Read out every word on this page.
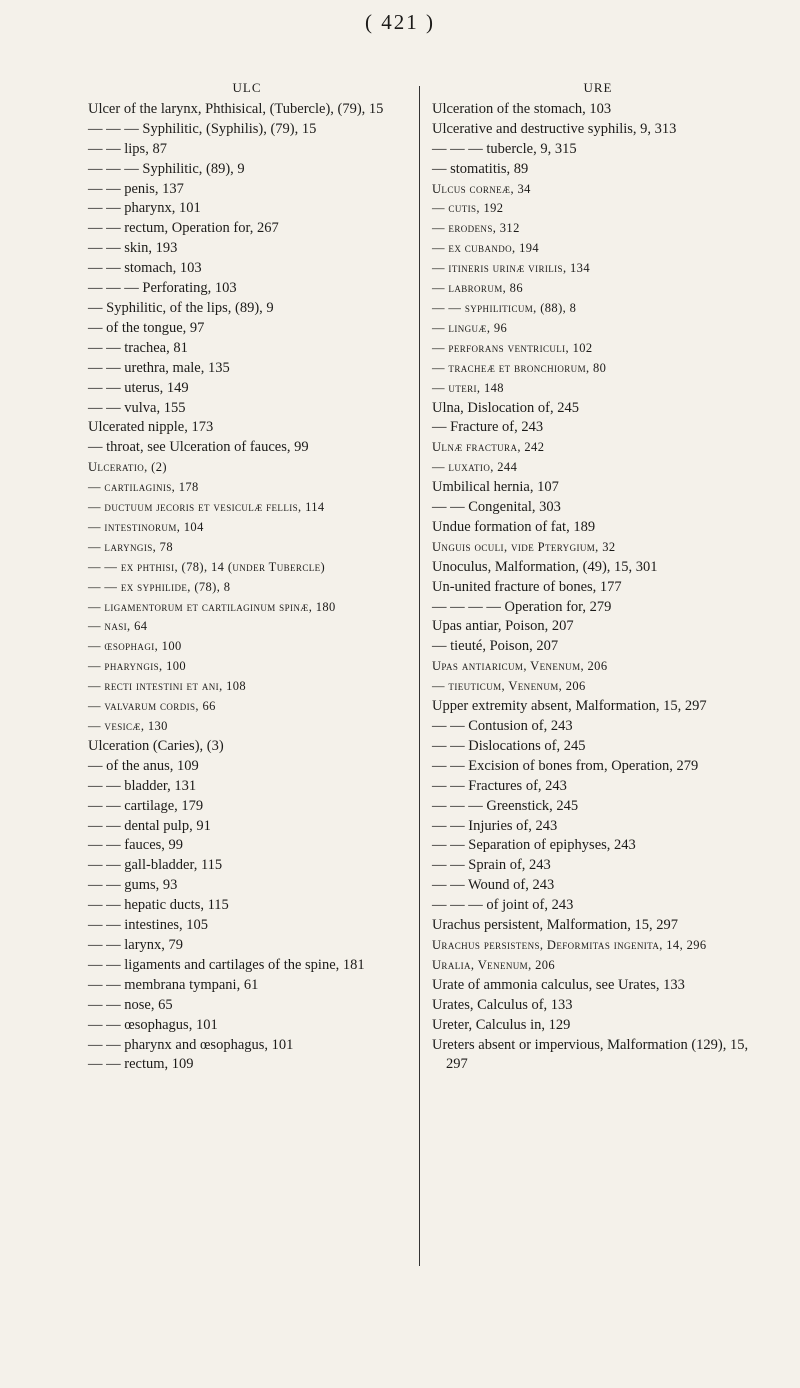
( 421 )
ULC
Ulcer of the larynx, Phthisical, (Tubercle), (79), 15
— — — Syphilitic, (Syphilis), (79), 15
— — lips, 87
— — — Syphilitic, (89), 9
— — penis, 137
— — pharynx, 101
— — rectum, Operation for, 267
— — skin, 193
— — stomach, 103
— — — Perforating, 103
— Syphilitic, of the lips, (89), 9
— of the tongue, 97
— — trachea, 81
— — urethra, male, 135
— — uterus, 149
— — vulva, 155
Ulcerated nipple, 173
— throat, see Ulceration of fauces, 99
Ulceratio, (2)
— cartilaginis, 178
— ductuum jecoris et vesiculæ fellis, 114
— intestinorum, 104
— laryngis, 78
— — ex phthisi, (78), 14 (under Tubercle)
— — ex syphilide, (78), 8
— ligamentorum et cartilaginum spinæ, 180
— nasi, 64
— œsophagi, 100
— pharyngis, 100
— recti intestini et ani, 108
— valvarum cordis, 66
— vesicæ, 130
Ulceration (Caries), (3)
— of the anus, 109
— — bladder, 131
— — cartilage, 179
— — dental pulp, 91
— — fauces, 99
— — gall-bladder, 115
— — gums, 93
— — hepatic ducts, 115
— — intestines, 105
— — larynx, 79
— — ligaments and cartilages of the spine, 181
— — membrana tympani, 61
— — nose, 65
— — œsophagus, 101
— — pharynx and œsophagus, 101
— — rectum, 109
URE
Ulceration of the stomach, 103
Ulcerative and destructive syphilis, 9, 313
— — — tubercle, 9, 315
— stomatitis, 89
Ulcus corneæ, 34
— cutis, 192
— erodens, 312
— ex cubando, 194
— itineris urinæ virilis, 134
— labrorum, 86
— — syphiliticum, (88), 8
— linguæ, 96
— perforans ventriculi, 102
— tracheæ et bronchiorum, 80
— uteri, 148
Ulna, Dislocation of, 245
— Fracture of, 243
Ulnæ fractura, 242
— luxatio, 244
Umbilical hernia, 107
— — Congenital, 303
Undue formation of fat, 189
Unguis oculi, vide Pterygium, 32
Unoculus, Malformation, (49), 15, 301
Un-united fracture of bones, 177
— — — — Operation for, 279
Upas antiar, Poison, 207
— tieuté, Poison, 207
Upas antiaricum, Venenum, 206
— tieuticum, Venenum, 206
Upper extremity absent, Malformation, 15, 297
— — Contusion of, 243
— — Dislocations of, 245
— — Excision of bones from, Operation, 279
— — Fractures of, 243
— — — Greenstick, 245
— — Injuries of, 243
— — Separation of epiphyses, 243
— — Sprain of, 243
— — Wound of, 243
— — — of joint of, 243
Urachus persistent, Malformation, 15, 297
Urachus persistens, Deformitas ingenita, 14, 296
Uralia, Venenum, 206
Urate of ammonia calculus, see Urates, 133
Urates, Calculus of, 133
Ureter, Calculus in, 129
Ureters absent or impervious, Malformation (129), 15, 297
